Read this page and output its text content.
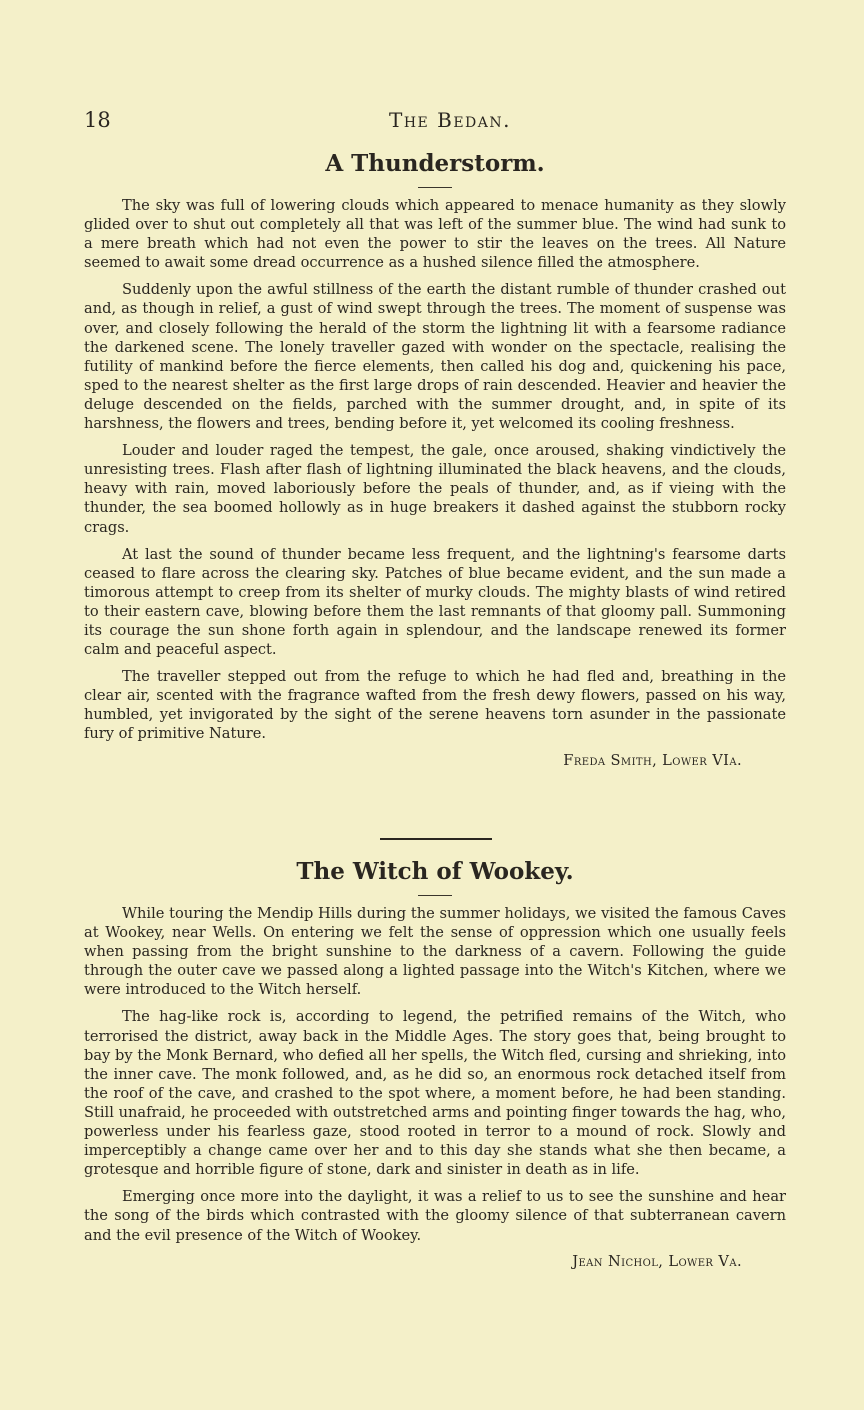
18	The Bedan.
A Thunderstorm.

The sky was full of lowering clouds which appeared to menace humanity as they slowly glided over to shut out completely all that was left of the summer blue. The wind had sunk to a mere breath which had not even the power to stir the leaves on the trees. All Nature seemed to await some dread occurrence as a hushed silence filled the atmosphere.

Suddenly upon the awful stillness of the earth the distant rumble of thunder crashed out and, as though in relief, a gust of wind swept through the trees. The moment of suspense was over, and closely following the herald of the storm the lightning lit with a fearsome radiance the darkened scene. The lonely traveller gazed with wonder on the spectacle, realising the futility of mankind before the fierce elements, then called his dog and, quickening his pace, sped to the nearest shelter as the first large drops of rain descended. Heavier and heavier the deluge descended on the fields, parched with the summer drought, and, in spite of its harshness, the flowers and trees, bending before it, yet welcomed its cooling freshness.

Louder and louder raged the tempest, the gale, once aroused, shaking vindictively the unresisting trees. Flash after flash of lightning illuminated the black heavens, and the clouds, heavy with rain, moved laboriously before the peals of thunder, and, as if vieing with the thunder, the sea boomed hollowly as in huge breakers it dashed against the stubborn rocky crags.

At last the sound of thunder became less frequent, and the lightning's fearsome darts ceased to flare across the clearing sky. Patches of blue became evident, and the sun made a timorous attempt to creep from its shelter of murky clouds. The mighty blasts of wind retired to their eastern cave, blowing before them the last remnants of that gloomy pall. Summoning its courage the sun shone forth again in splendour, and the landscape renewed its former calm and peaceful aspect.

The traveller stepped out from the refuge to which he had fled and, breathing in the clear air, scented with the fragrance wafted from the fresh dewy flowers, passed on his way, humbled, yet invigorated by the sight of the serene heavens torn asunder in the passionate fury of primitive Nature.

Freda Smith, Lower VIa.
The Witch of Wookey.

While touring the Mendip Hills during the summer holidays, we visited the famous Caves at Wookey, near Wells. On entering we felt the sense of oppression which one usually feels when passing from the bright sunshine to the darkness of a cavern. Following the guide through the outer cave we passed along a lighted passage into the Witch's Kitchen, where we were introduced to the Witch herself.

The hag-like rock is, according to legend, the petrified remains of the Witch, who terrorised the district, away back in the Middle Ages. The story goes that, being brought to bay by the Monk Bernard, who defied all her spells, the Witch fled, cursing and shrieking, into the inner cave. The monk followed, and, as he did so, an enormous rock detached itself from the roof of the cave, and crashed to the spot where, a moment before, he had been standing. Still unafraid, he proceeded with outstretched arms and pointing finger towards the hag, who, powerless under his fearless gaze, stood rooted in terror to a mound of rock. Slowly and imperceptibly a change came over her and to this day she stands what she then became, a grotesque and horrible figure of stone, dark and sinister in death as in life.

Emerging once more into the daylight, it was a relief to us to see the sunshine and hear the song of the birds which contrasted with the gloomy silence of that subterranean cavern and the evil presence of the Witch of Wookey.

Jean Nichol, Lower Va.
